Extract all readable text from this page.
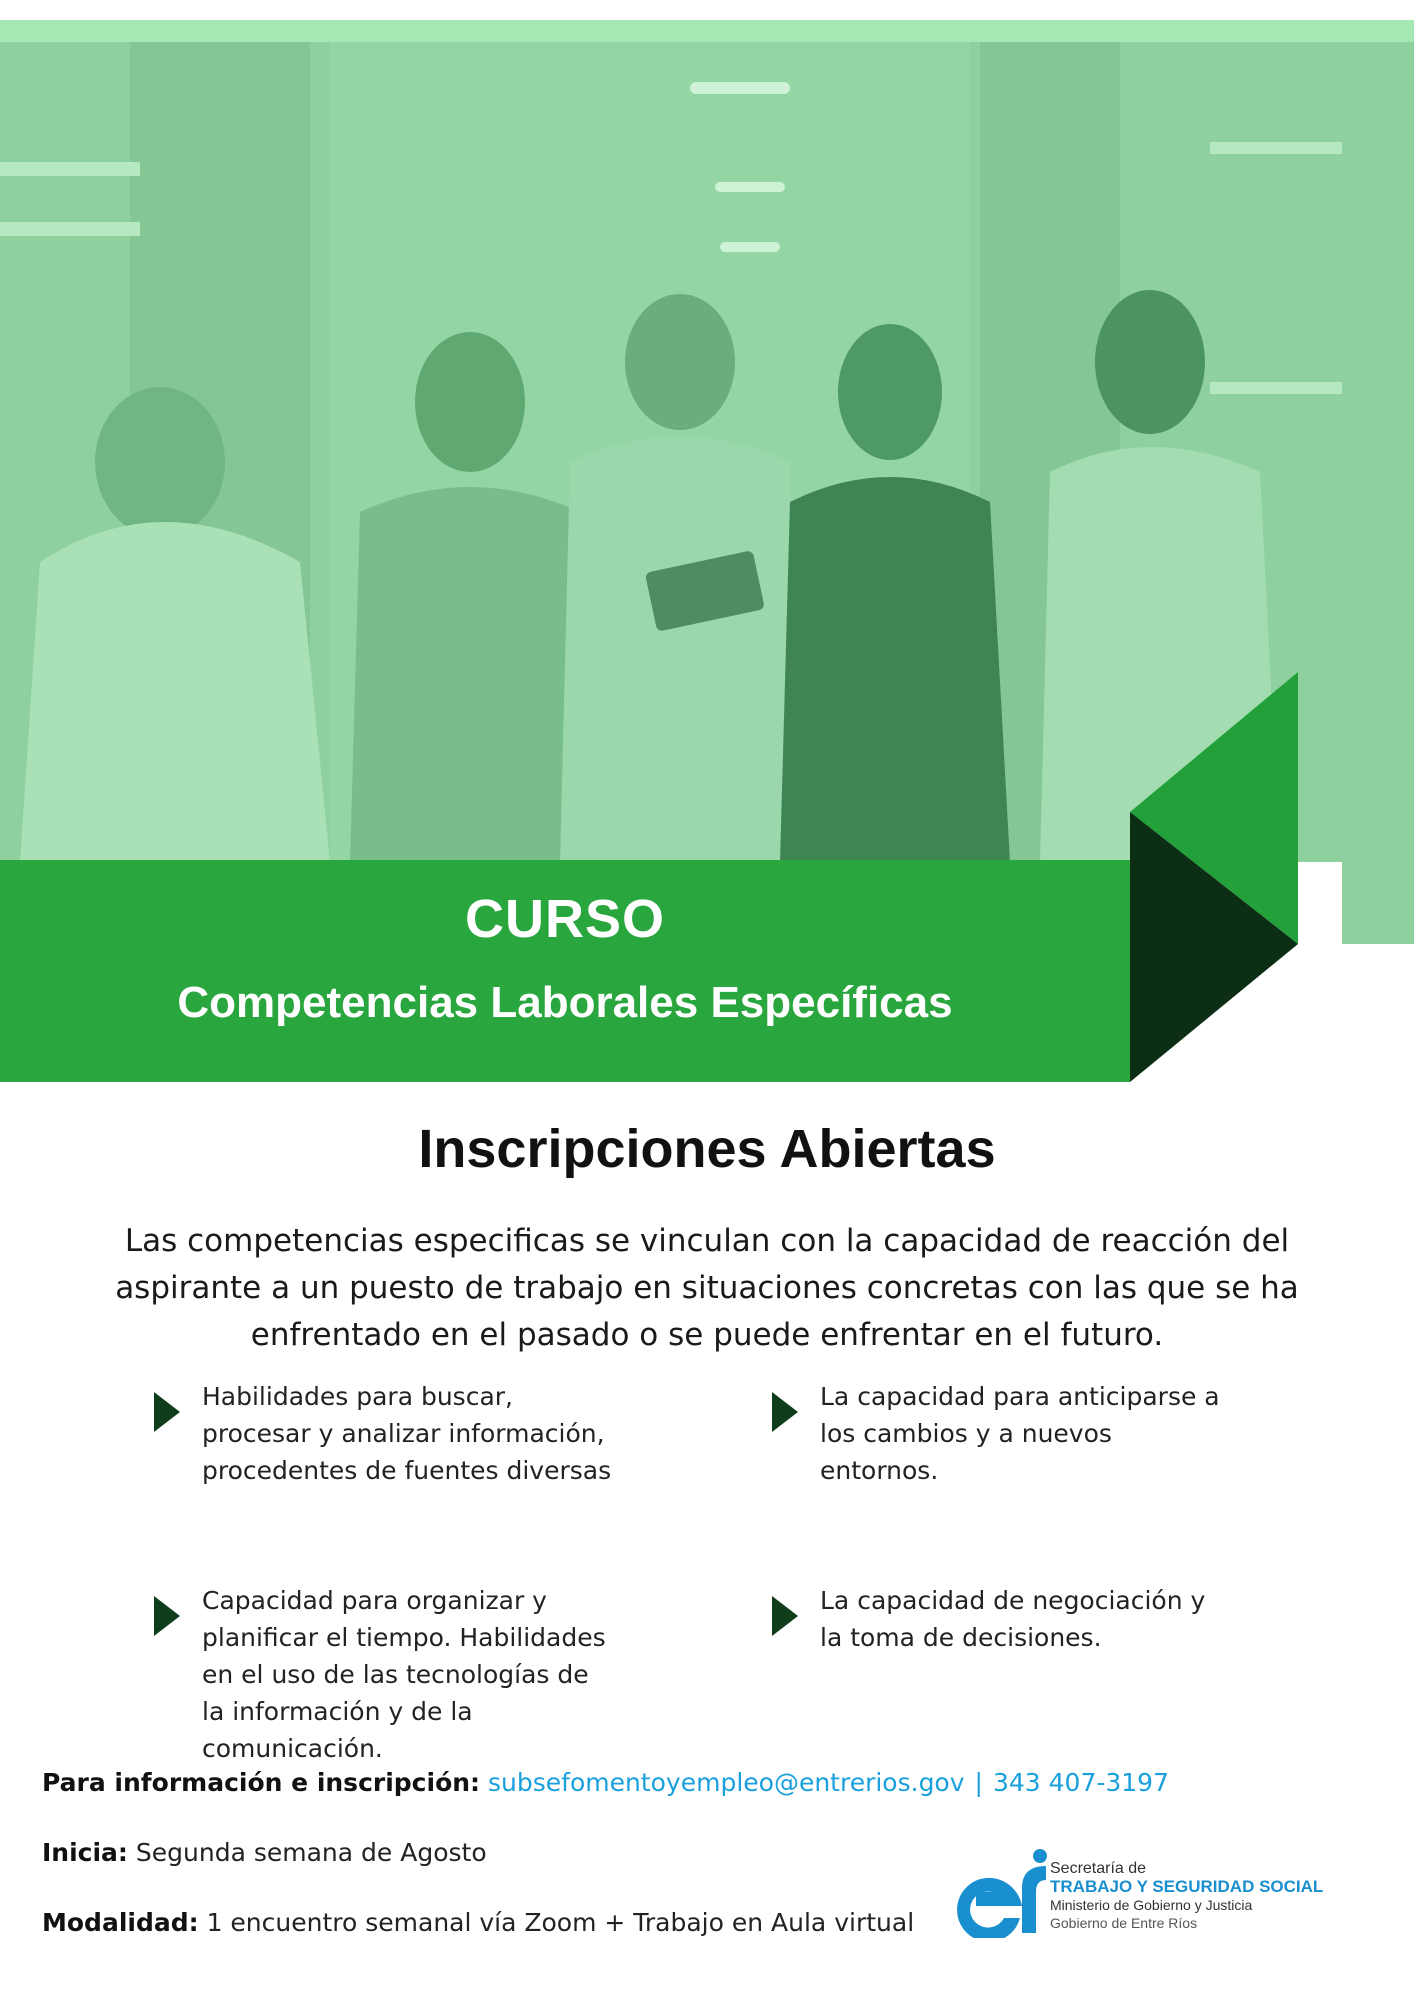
CURSO
Competencias Laborales Específicas
Inscripciones Abiertas
Las competencias especificas se vinculan con la capacidad de reacción del aspirante a un puesto de trabajo en situaciones concretas con las que se ha enfrentado en el pasado o se puede enfrentar en el futuro.
Habilidades para buscar, procesar y analizar información, procedentes de fuentes diversas
La capacidad para anticiparse a los cambios y a nuevos entornos.
Capacidad para organizar y planificar el tiempo. Habilidades en el uso de las tecnologías de la información y de la comunicación.
La capacidad de negociación y la toma de decisiones.
Para información e inscripción: subsefomentoyempleo@entrerios.gov | 343 407-3197
Inicia: Segunda semana de Agosto
Modalidad: 1 encuentro semanal vía Zoom + Trabajo en Aula virtual
Secretaría de
TRABAJO Y SEGURIDAD SOCIAL
Ministerio de Gobierno y Justicia
Gobierno de Entre Ríos
